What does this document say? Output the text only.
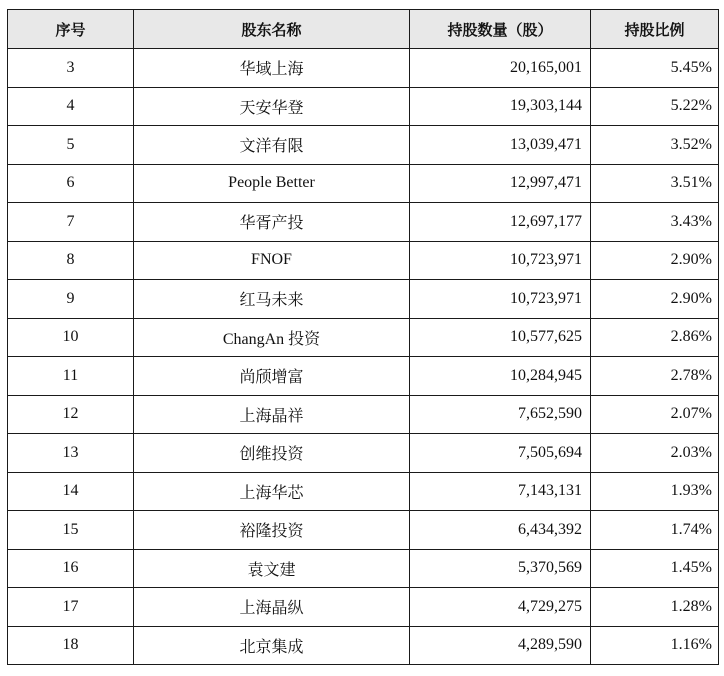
序号	股东名称	持股数量（股）	持股比例
3	华域上海	20,165,001	5.45%
4	天安华登	19,303,144	5.22%
5	文洋有限	13,039,471	3.52%
6	People Better	12,997,471	3.51%
7	华胥产投	12,697,177	3.43%
8	FNOF	10,723,971	2.90%
9	红马未来	10,723,971	2.90%
10	ChangAn 投资	10,577,625	2.86%
11	尚颀增富	10,284,945	2.78%
12	上海晶祥	7,652,590	2.07%
13	创维投资	7,505,694	2.03%
14	上海华芯	7,143,131	1.93%
15	裕隆投资	6,434,392	1.74%
16	袁文建	5,370,569	1.45%
17	上海晶纵	4,729,275	1.28%
18	北京集成	4,289,590	1.16%
